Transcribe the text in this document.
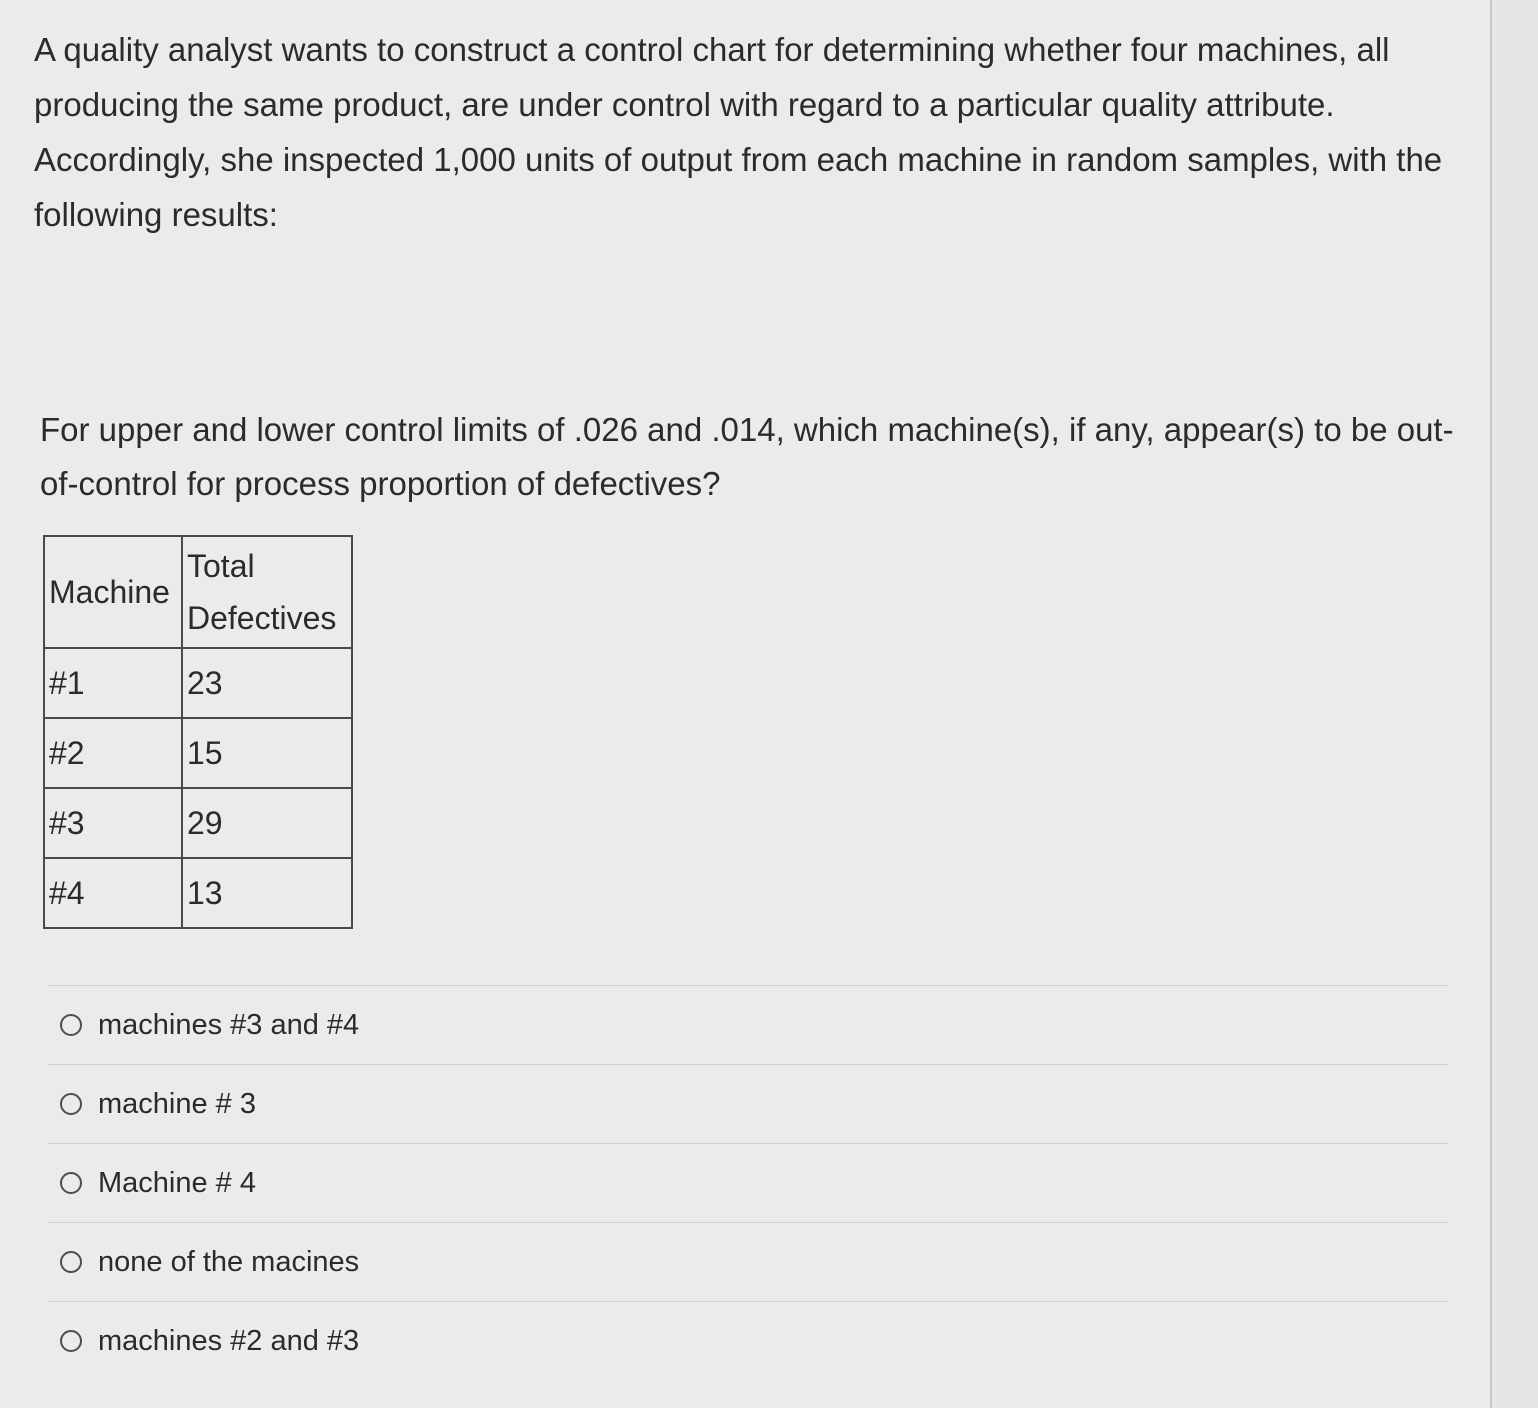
A quality analyst wants to construct a control chart for determining whether four machines, all producing the same product, are under control with regard to a particular quality attribute. Accordingly, she inspected 1,000 units of output from each machine in random samples, with the following results:

For upper and lower control limits of .026 and .014, which machine(s), if any, appear(s) to be out-of-control for process proportion of defectives?

Machine	Total Defectives
#1	23
#2	15
#3	29
#4	13
machines #3 and #4
machine # 3
Machine # 4
none of the macines
machines #2 and #3
